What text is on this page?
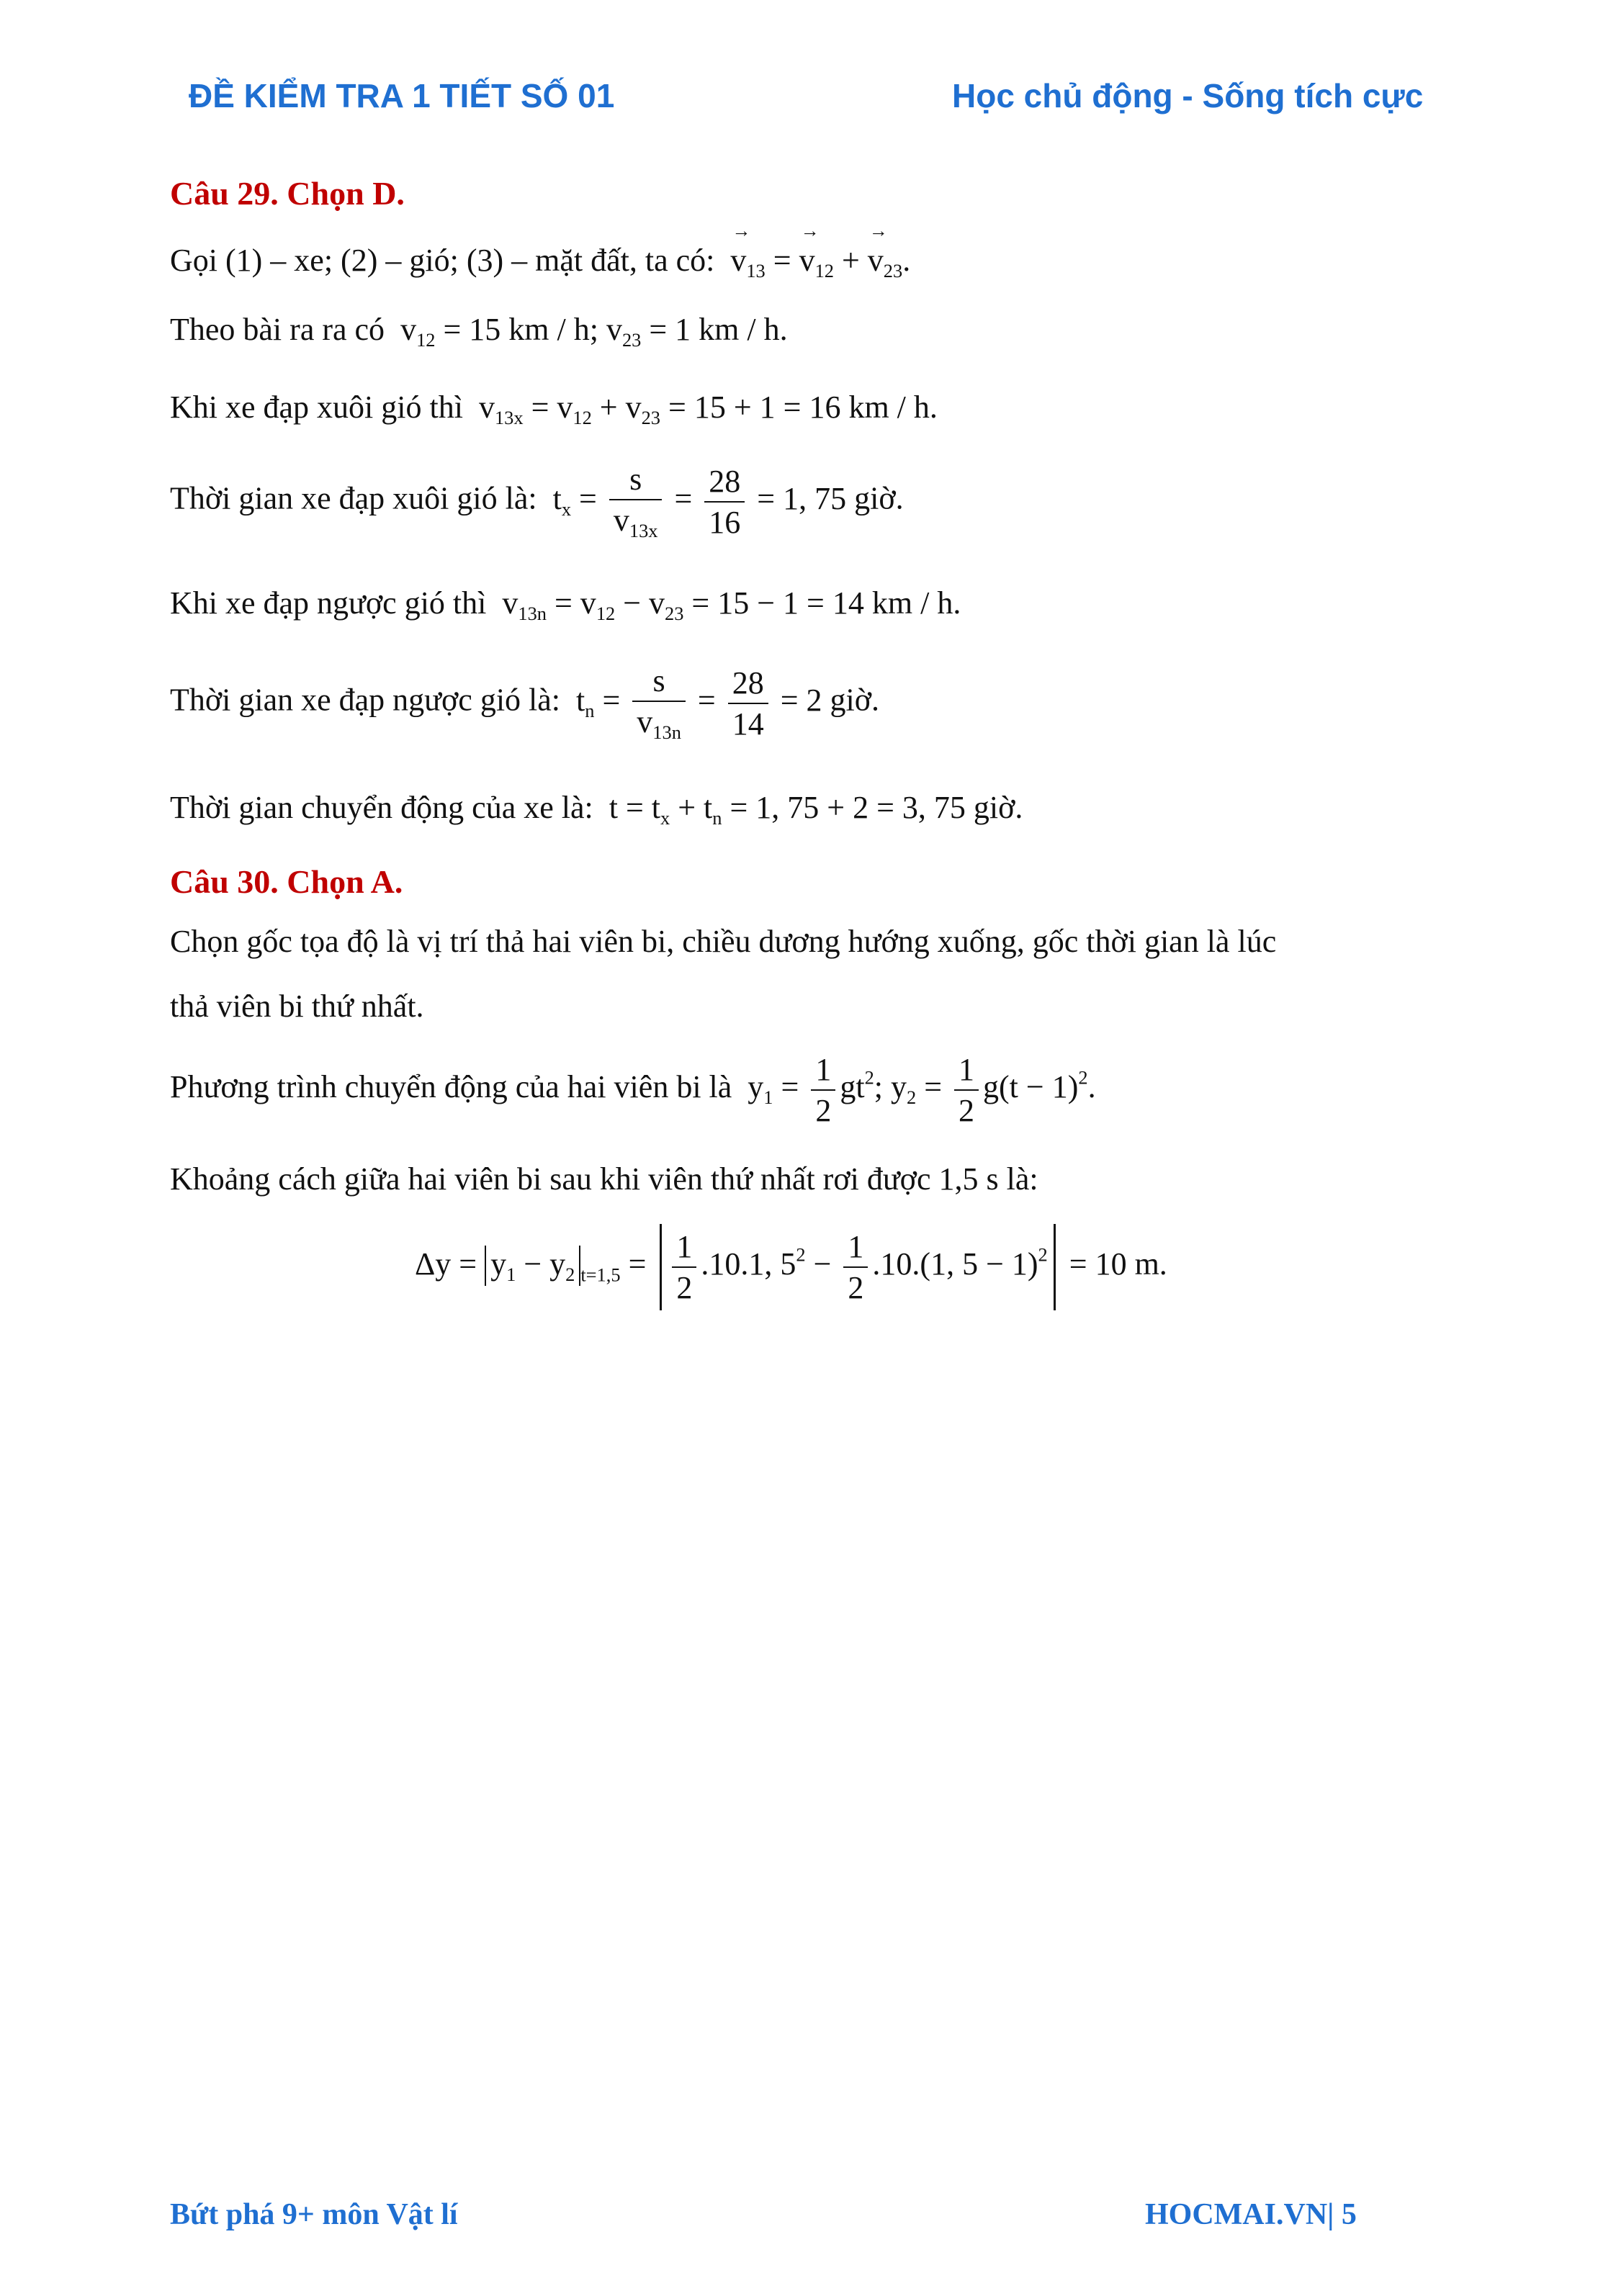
ĐỀ KIỂM TRA 1 TIẾT SỐ 01	Học chủ động - Sống tích cực
Câu 29. Chọn D.
Gọi (1) – xe; (2) – gió; (3) – mặt đất, ta có: → $v_{13}$ = → $v_{12}$ + → $v_{23}$.
Theo bài ra ra có  $v_{12} = 15$ km / h; $v_{23} = 1$ km / h.
Khi xe đạp xuôi gió thì  $v_{13x} = v_{12} + v_{23} = 15 + 1 = 16$ km / h.
Thời gian xe đạp xuôi gió là:  $t_x = \frac{s}{v_{13x}} = \frac{28}{16} = 1$, 75 giờ.
Khi xe đạp ngược gió thì  $v_{13n} = v_{12} - v_{23} = 15 - 1 = 14$ km / h.
Thời gian xe đạp ngược gió là:  $t_n = \frac{s}{v_{13n}} = \frac{28}{14} = 2$ giờ.
Thời gian chuyển động của xe là:  $t = t_x + t_n = 1$, 75 + 2 = 3, 75 giờ.
Câu 30. Chọn A.
Chọn gốc tọa độ là vị trí thả hai viên bi, chiều dương hướng xuống, gốc thời gian là lúc
thả viên bi thứ nhất.
Phương trình chuyển động của hai viên bi là  $y_1 = \frac{1}{2} gt^2$; $y_2 = \frac{1}{2} g(t - 1)^2$.
Khoảng cách giữa hai viên bi sau khi viên thứ nhất rơi được 1,5 s là:
$\Delta y = y_1 - y_2$ $_{t=1,5} = \frac{1}{2} .10.1$, $5^2 - \frac{1}{2} .10.(1$, 5 − 1)$^2$ = 10 m.
Bứt phá 9+ môn Vật lí	HOCMAI.VN| 5
